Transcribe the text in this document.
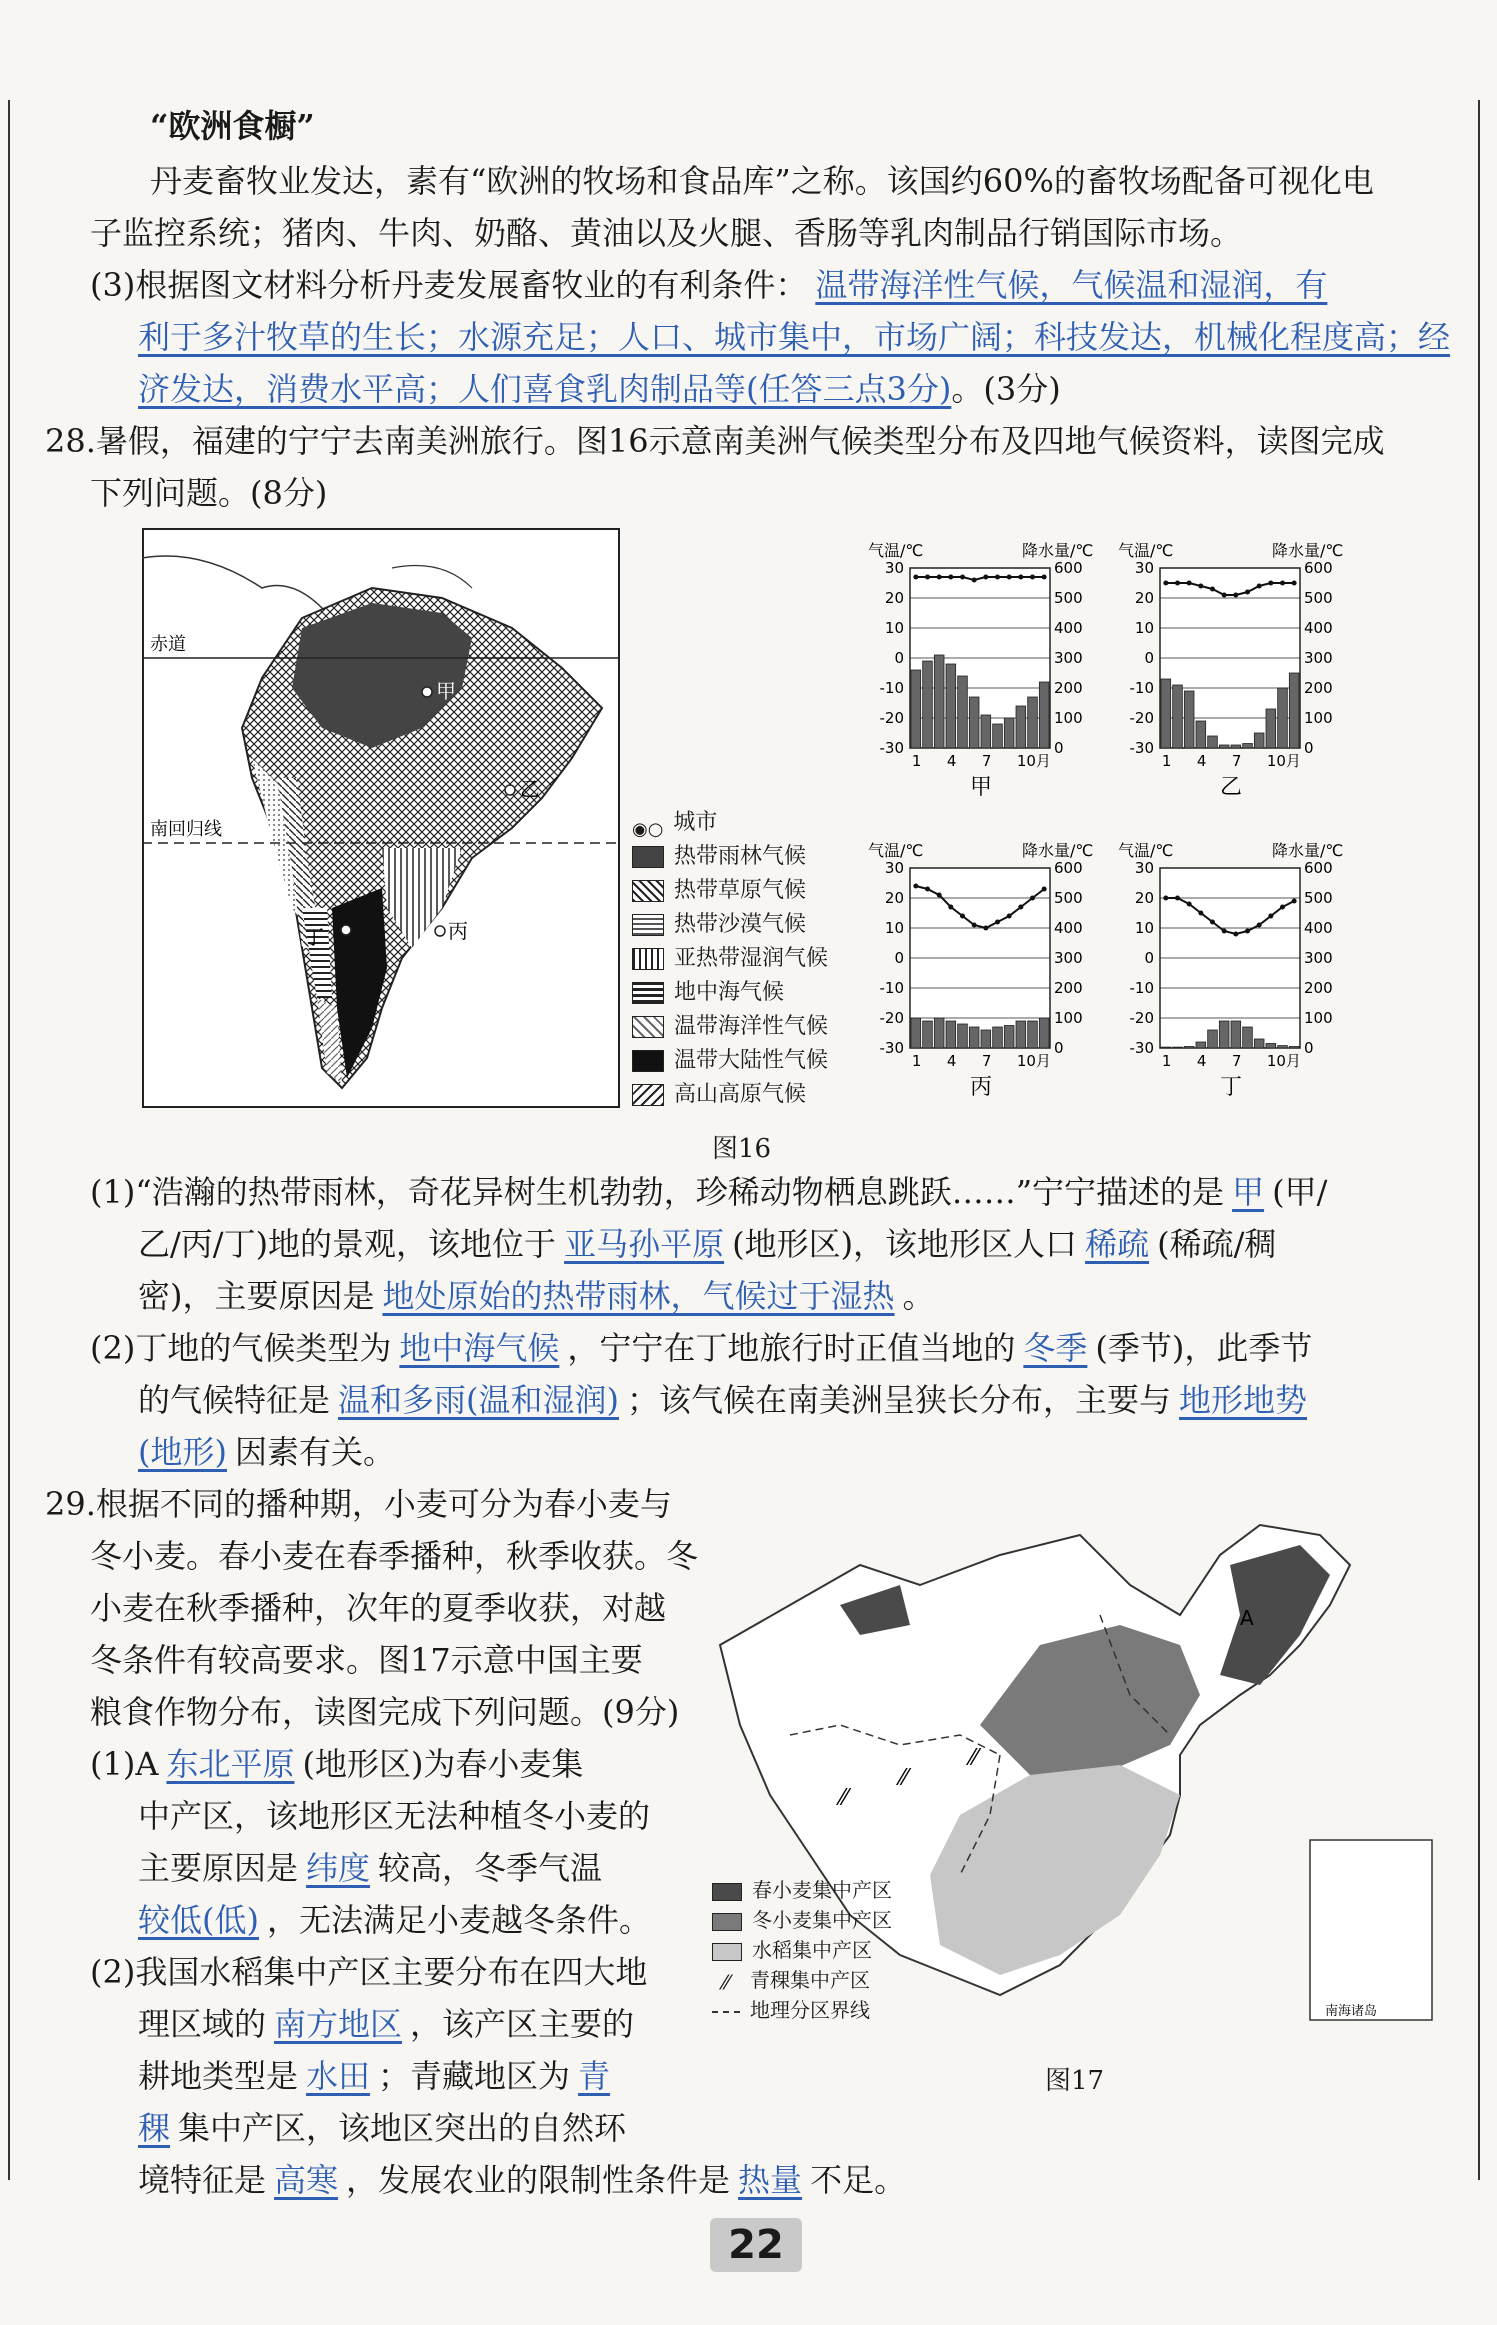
“欧洲食橱”
丹麦畜牧业发达，素有“欧洲的牧场和食品库”之称。该国约60%的畜牧场配备可视化电
子监控系统；猪肉、牛肉、奶酪、黄油以及火腿、香肠等乳肉制品行销国际市场。
(3)根据图文材料分析丹麦发展畜牧业的有利条件： 温带海洋性气候，气候温和湿润，有
利于多汁牧草的生长；水源充足；人口、城市集中，市场广阔；科技发达，机械化程度高；经
济发达，消费水平高；人们喜食乳肉制品等(任答三点3分)。(3分)
28.暑假，福建的宁宁去南美洲旅行。图16示意南美洲气候类型分布及四地气候资料，读图完成
下列问题。(8分)
赤道
南回归线
甲
乙
丙
丁
◉○ 城市
热带雨林气候
热带草原气候
热带沙漠气候
亚热带湿润气候
地中海气候
温带海洋性气候
温带大陆性气候
高山高原气候
气温/℃	降水量/℃
30	600
20	500
10	400
0	300
-10	200
-20	100
-30	0
1 4 7 10月
甲
气温/℃	降水量/℃
30	600
20	500
10	400
0	300
-10	200
-20	100
-30	0
1 4 7 10月
乙
气温/℃	降水量/℃
30	600
20	500
10	400
0	300
-10	200
-20	100
-30	0
1 4 7 10月
丙
气温/℃	降水量/℃
30	600
20	500
10	400
0	300
-10	200
-20	100
-30	0
1 4 7 10月
丁
图16
(1)“浩瀚的热带雨林，奇花异树生机勃勃，珍稀动物栖息跳跃……”宁宁描述的是 甲 (甲/
乙/丙/丁)地的景观，该地位于 亚马孙平原 (地形区)，该地形区人口 稀疏 (稀疏/稠
密)，主要原因是 地处原始的热带雨林，气候过于湿热 。
(2)丁地的气候类型为 地中海气候 ，宁宁在丁地旅行时正值当地的 冬季 (季节)，此季节
的气候特征是 温和多雨(温和湿润) ；该气候在南美洲呈狭长分布，主要与 地形地势
(地形) 因素有关。
29.根据不同的播种期，小麦可分为春小麦与
冬小麦。春小麦在春季播种，秋季收获。冬
小麦在秋季播种，次年的夏季收获，对越
冬条件有较高要求。图17示意中国主要
粮食作物分布，读图完成下列问题。(9分)
(1)A 东北平原 (地形区)为春小麦集
中产区，该地形区无法种植冬小麦的
主要原因是 纬度 较高，冬季气温
较低(低) ，无法满足小麦越冬条件。
(2)我国水稻集中产区主要分布在四大地
理区域的 南方地区 ，该产区主要的
耕地类型是 水田 ；青藏地区为 青
稞 集中产区，该地区突出的自然环
境特征是 高寒 ，发展农业的限制性条件是 热量 不足。
A
⁄⁄
⁄⁄
⁄⁄
南海诸岛
春小麦集中产区
冬小麦集中产区
水稻集中产区
⁄⁄ 青稞集中产区
地理分区界线
图17
22
